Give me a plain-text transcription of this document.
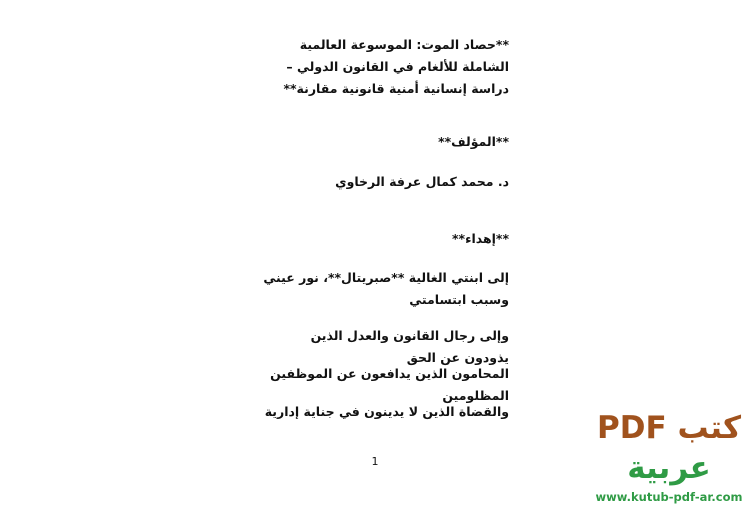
**حصاد الموت: الموسوعة العالمية الشاملة للألغام في القانون الدولي – دراسة إنسانية أمنية قانونية مقارنة**
**المؤلف**
د. محمد كمال عرفة الرخاوي
**إهداء**
إلى ابنتي الغالية **صبريتال**، نور عيني وسبب ابتسامتي
وإلى رجال القانون والعدل الذين يذودون عن الحق
المحامون الذين يدافعون عن الموظفين المظلومين
والقضاة الذين لا يدينون في جناية إدارية
1
كتب PDF عربية
www.kutub-pdf-ar.com
